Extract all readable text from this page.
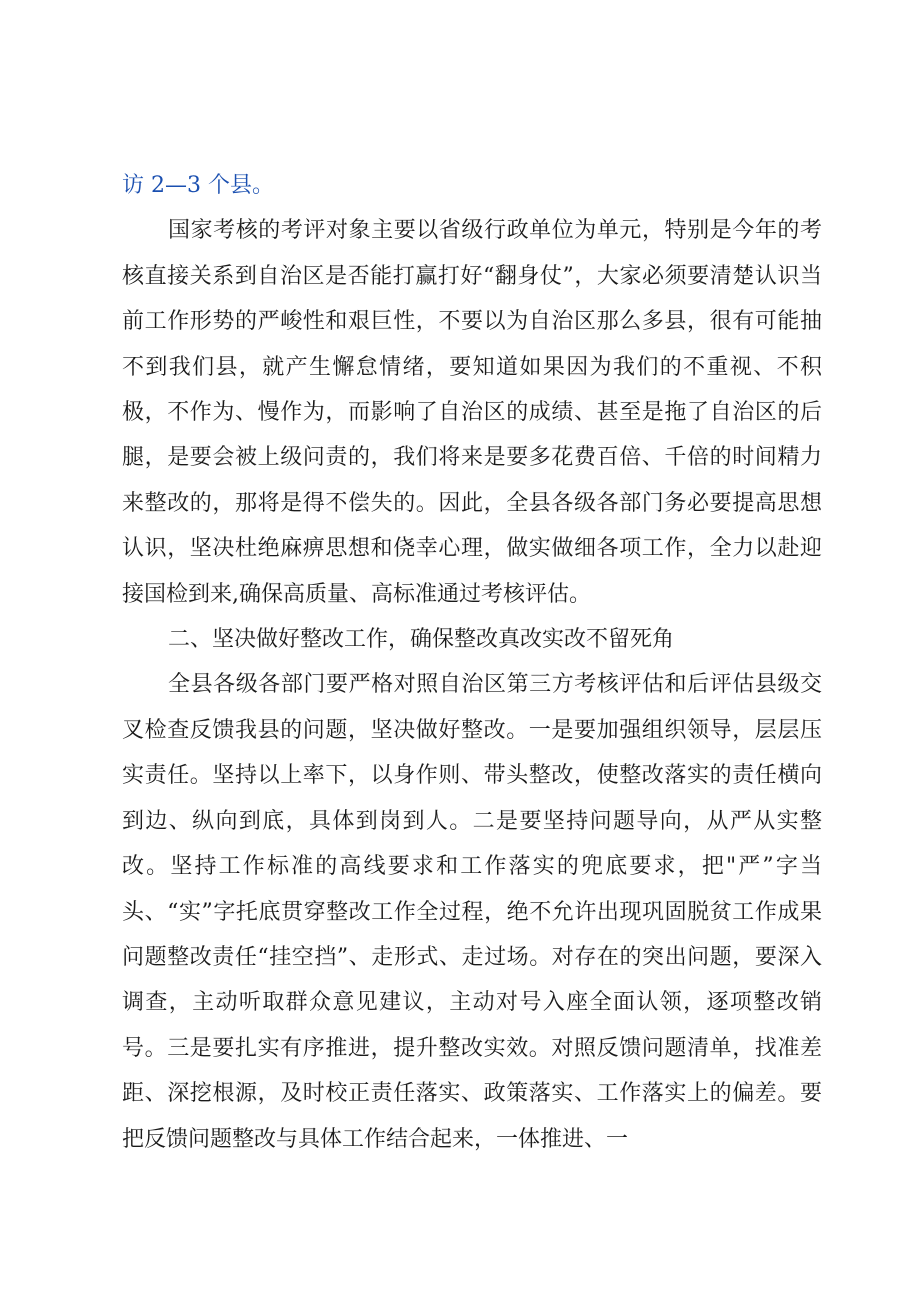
访 2—3 个县。

国家考核的考评对象主要以省级行政单位为单元，特别是今年的考核直接关系到自治区是否能打赢打好“翻身仗”，大家必须要清楚认识当前工作形势的严峻性和艰巨性，不要以为自治区那么多县，很有可能抽不到我们县，就产生懈怠情绪，要知道如果因为我们的不重视、不积极，不作为、慢作为，而影响了自治区的成绩、甚至是拖了自治区的后腿，是要会被上级问责的，我们将来是要多花费百倍、千倍的时间精力来整改的，那将是得不偿失的。因此，全县各级各部门务必要提高思想认识，坚决杜绝麻痹思想和侥幸心理，做实做细各项工作，全力以赴迎接国检到来,确保高质量、高标准通过考核评估。

二、坚决做好整改工作，确保整改真改实改不留死角

全县各级各部门要严格对照自治区第三方考核评估和后评估县级交叉检查反馈我县的问题，坚决做好整改。一是要加强组织领导，层层压实责任。坚持以上率下，以身作则、带头整改，使整改落实的责任横向到边、纵向到底，具体到岗到人。二是要坚持问题导向，从严从实整改。坚持工作标准的高线要求和工作落实的兜底要求，把"严”字当头、“实”字托底贯穿整改工作全过程，绝不允许出现巩固脱贫工作成果问题整改责任“挂空挡”、走形式、走过场。对存在的突出问题，要深入调查，主动听取群众意见建议，主动对号入座全面认领，逐项整改销号。三是要扎实有序推进，提升整改实效。对照反馈问题清单，找准差距、深挖根源，及时校正责任落实、政策落实、工作落实上的偏差。要把反馈问题整改与具体工作结合起来，一体推进、一
